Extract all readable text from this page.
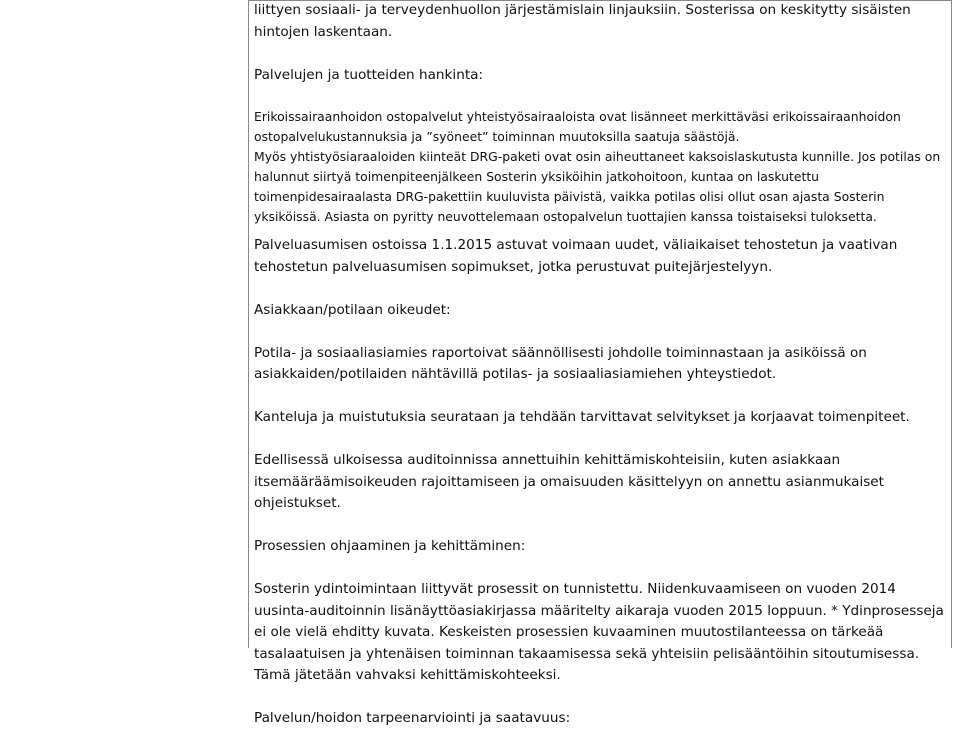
liittyen sosiaali- ja terveydenhuollon järjestämislain linjauksiin. Sosterissa on keskitytty sisäisten hintojen laskentaan.

Palvelujen ja tuotteiden hankinta:

Erikoissairaanhoidon ostopalvelut yhteistyösairaaloista ovat lisänneet merkittäväsi erikoissairaanhoidon ostopalvelukustannuksia ja ”syöneet” toiminnan muutoksilla saatuja säästöjä.

Myös yhtistyösiaraaloiden kiinteät DRG-paketi ovat osin aiheuttaneet kaksoislaskutusta kunnille. Jos potilas on halunnut siirtyä toimenpiteenjälkeen Sosterin yksiköihin jatkohoitoon, kuntaa on laskutettu toimenpidesairaalasta DRG-pakettiin kuuluvista päivistä, vaikka potilas olisi ollut osan ajasta Sosterin yksiköissä. Asiasta on pyritty neuvottelemaan ostopalvelun tuottajien kanssa toistaiseksi tuloksetta.

Palveluasumisen ostoissa 1.1.2015 astuvat voimaan uudet, väliaikaiset tehostetun ja vaativan tehostetun palveluasumisen sopimukset, jotka perustuvat puitejärjestelyyn.

Asiakkaan/potilaan oikeudet:

Potila- ja sosiaaliasiamies raportoivat säännöllisesti johdolle toiminnastaan ja asiköissä on asiakkaiden/potilaiden nähtävillä potilas- ja sosiaaliasiamiehen yhteystiedot.

Kanteluja ja muistutuksia seurataan ja tehdään tarvittavat selvitykset ja korjaavat toimenpiteet.

Edellisessä ulkoisessa auditoinnissa annettuihin kehittämiskohteisiin, kuten asiakkaan itsemääräämisoikeuden rajoittamiseen ja omaisuuden käsittelyyn on annettu asianmukaiset ohjeistukset.

Prosessien ohjaaminen ja kehittäminen:

Sosterin ydintoimintaan liittyvät prosessit on tunnistettu. Niidenkuvaamiseen on vuoden 2014 uusinta-auditoinnin lisänäyttöasiakirjassa määritelty aikaraja vuoden 2015 loppuun. * Ydinprosesseja ei ole vielä ehditty kuvata. Keskeisten prosessien kuvaaminen muutostilanteessa on tärkeää tasalaatuisen ja yhtenäisen toiminnan takaamisessa sekä yhteisiin pelisääntöihin sitoutumisessa. Tämä jätetään vahvaksi kehittämiskohteeksi.

Palvelun/hoidon tarpeenarviointi ja saatavuus:
